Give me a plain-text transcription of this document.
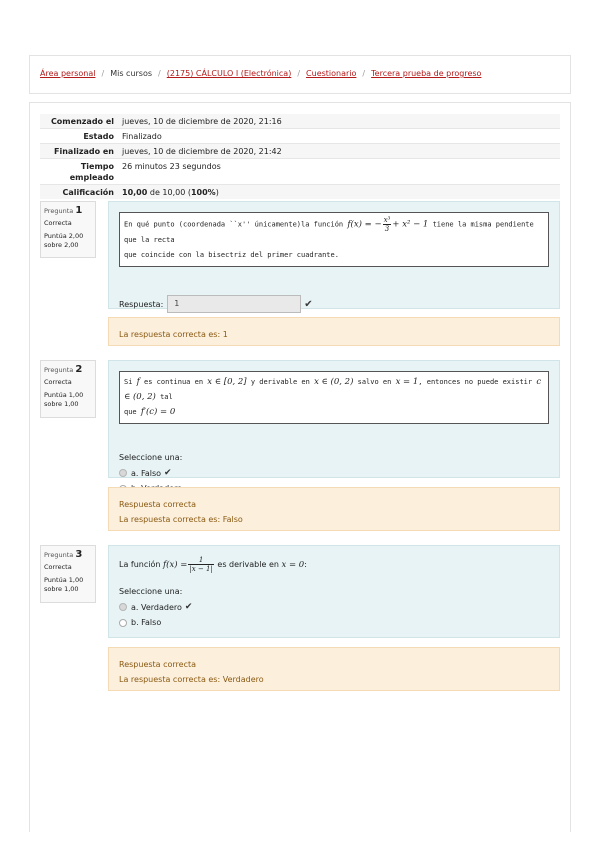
Área personal / Mis cursos / (2175) CÁLCULO I (Electrónica) / Cuestionario / Tercera prueba de progreso
Comenzado el	jueves, 10 de diciembre de 2020, 21:16
Estado	Finalizado
Finalizado en	jueves, 10 de diciembre de 2020, 21:42
Tiempo
empleado
26 minutos 23 segundos
Calificación	10,00 de 10,00 (100%)
Pregunta 1
Correcta
Puntúa 2,00
sobre 2,00
En qué punto (coordenada ``x'' únicamente)la función f(x) = − $\frac{\text{x³}}{3} + x^2 - 1$ tiene la misma pendiente que la recta
que coincide con la bisectriz del primer cuadrante.
Respuesta:	1	✔
La respuesta correcta es: 1
Pregunta 2
Correcta
Puntúa 1,00
sobre 1,00
Si f es continua en x ∈ [0, 2] y derivable en x ∈ (0, 2) salvo en x = 1, entonces no puede existir c ∈ (0, 2) tal
que f′(c) = 0
Seleccione una:
a. Falso ✔
Respuesta correcta
La respuesta correcta es: Falso
Pregunta 3
Correcta
Puntúa 1,00
sobre 1,00
La función
$f(x) = \frac{1}{|x - 1|}$
es derivable en
x = 0 :
Seleccione una:
a. Verdadero ✔
b. Falso
Respuesta correcta
La respuesta correcta es: Verdadero
